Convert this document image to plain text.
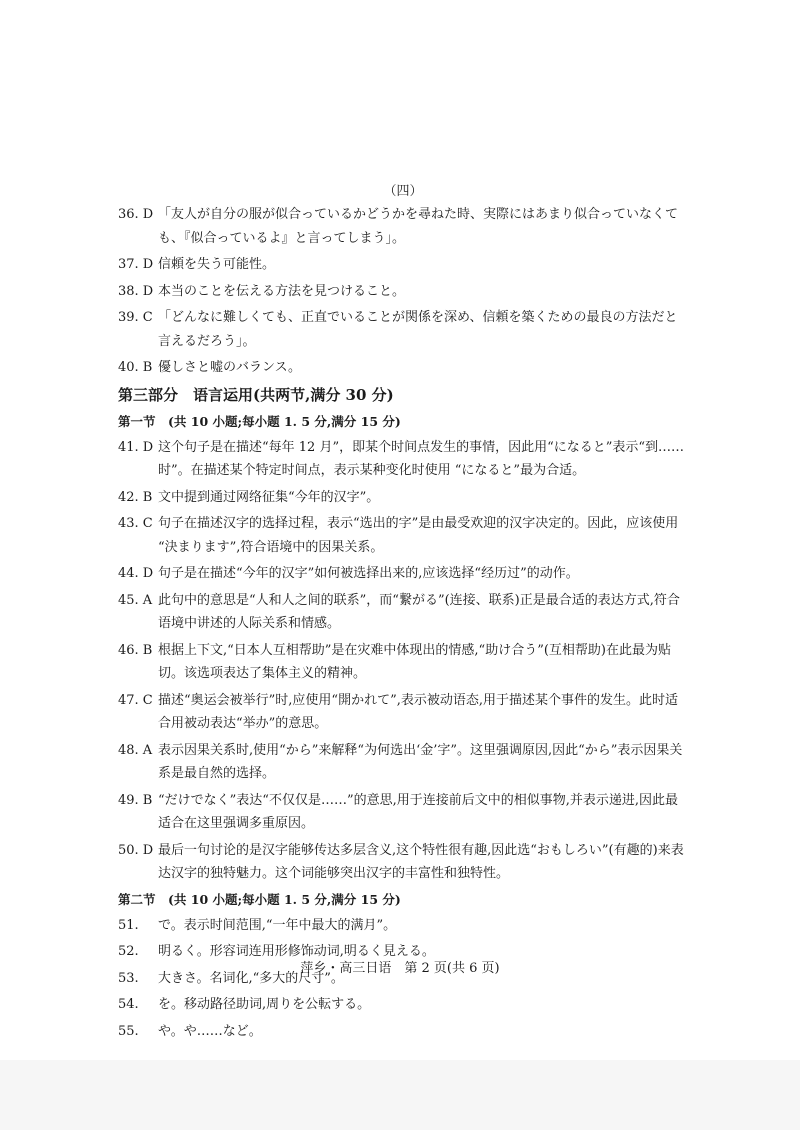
（四）
36. D 「友人が自分の服が似合っているかどうかを尋ねた時、実際にはあまり似合っていなくても、『似合っているよ』と言ってしまう」。
37. D 信頼を失う可能性。
38. D 本当のことを伝える方法を見つけること。
39. C 「どんなに難しくても、正直でいることが関係を深め、信頼を築くための最良の方法だと言えるだろう」。
40. B 優しさと嘘のバランス。
第三部分　语言运用(共两节,满分 30 分)
第一节　(共 10 小题;每小题 1. 5 分,满分 15 分)
41. D 这个句子是在描述“每年 12 月”，即某个时间点发生的事情，因此用“になると”表示“到……时”。在描述某个特定时间点，表示某种变化时使用 “になると”最为合适。
42. B 文中提到通过网络征集“今年的汉字”。
43. C 句子在描述汉字的选择过程，表示“选出的字”是由最受欢迎的汉字决定的。因此，应该使用 “決まります”,符合语境中的因果关系。
44. D 句子是在描述“今年的汉字”如何被选择出来的,应该选择“经历过”的动作。
45. A 此句中的意思是“人和人之间的联系”，而“繋がる”(连接、联系)正是最合适的表达方式,符合语境中讲述的人际关系和情感。
46. B 根据上下文,“日本人互相帮助”是在灾难中体现出的情感,“助け合う”(互相帮助)在此最为贴切。该选项表达了集体主义的精神。
47. C 描述“奥运会被举行”时,应使用“開かれて”,表示被动语态,用于描述某个事件的发生。此时适合用被动表达“举办”的意思。
48. A 表示因果关系时,使用“から”来解释“为何选出‘金’字”。这里强调原因,因此“から”表示因果关系是最自然的选择。
49. B “だけでなく”表达“不仅仅是……”的意思,用于连接前后文中的相似事物,并表示递进,因此最适合在这里强调多重原因。
50. D 最后一句讨论的是汉字能够传达多层含义,这个特性很有趣,因此选“おもしろい”(有趣的)来表达汉字的独特魅力。这个词能够突出汉字的丰富性和独特性。
第二节　(共 10 小题;每小题 1. 5 分,满分 15 分)
51.	で。表示时间范围,“一年中最大的满月”。
52.	明るく。形容词连用形修饰动词,明るく見える。
53.	大きさ。名词化,“多大的尺寸”。
54.	を。移动路径助词,周りを公転する。
55.	や。や……など。
萍乡・高三日语　第 2 页(共 6 页)
